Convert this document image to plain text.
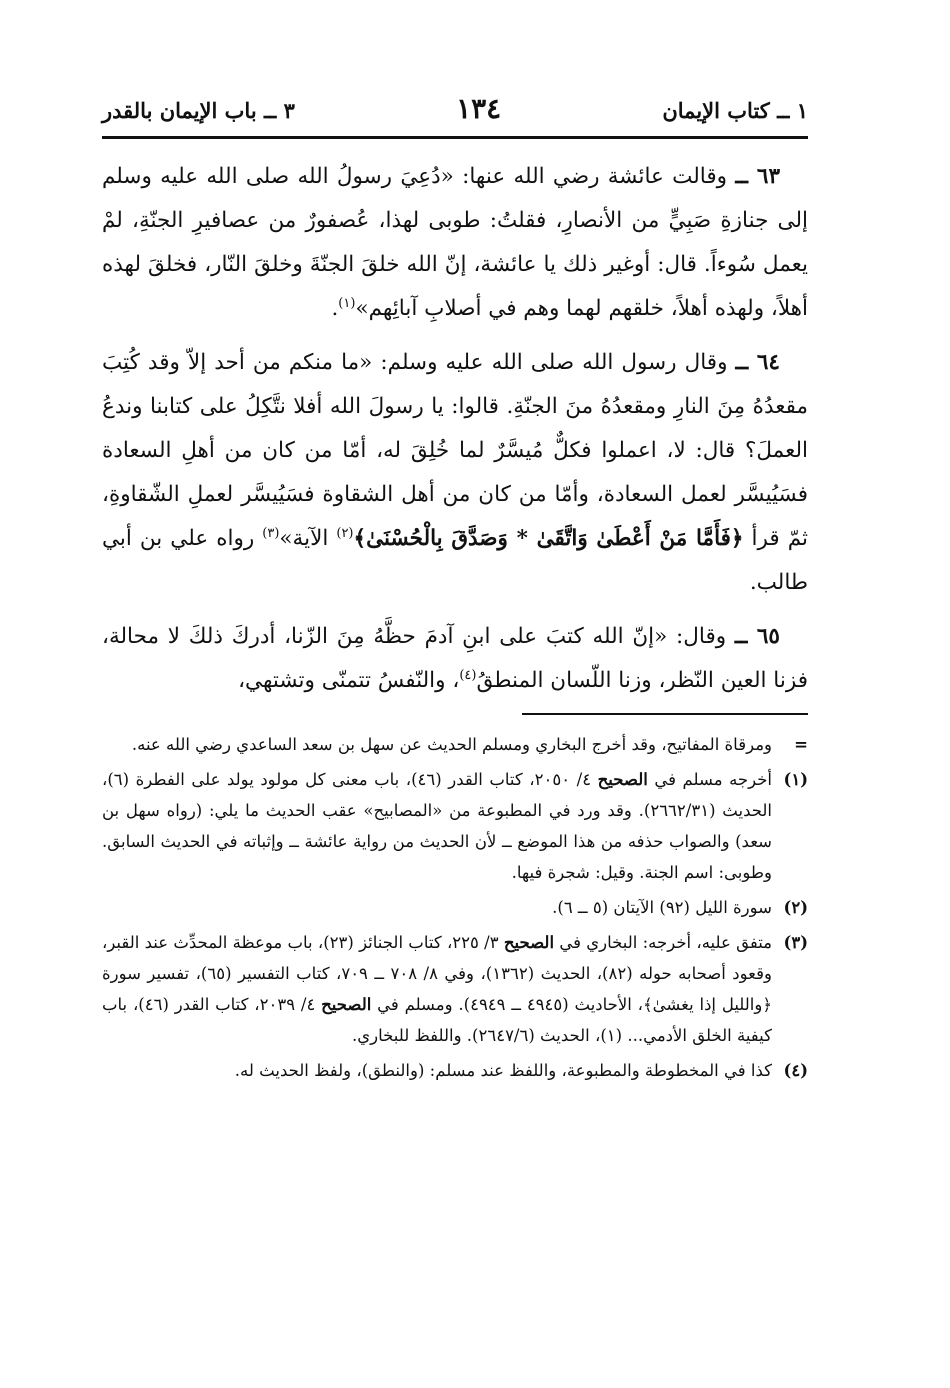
١ ــ كتاب الإيمان
١٣٤
٣ ــ باب الإيمان بالقدر

٦٣ ــ وقالت عائشة رضي الله عنها: «دُعِيَ رسولُ الله صلى الله عليه وسلم إلى جنازةِ صَبِيٍّ من الأنصارِ، فقلتُ: طوبى لهذا، عُصفورٌ من عصافيرِ الجنّةِ، لمْ يعمل سُوءاً. قال: أوغير ذلك يا عائشة، إنّ الله خلقَ الجنّةَ وخلقَ النّار، فخلقَ لهذه أهلاً، ولهذه أهلاً، خلقهم لهما وهم في أصلابِ آبائِهم»$^{(١)}$.

٦٤ ــ وقال رسول الله صلى الله عليه وسلم: «ما منكم من أحد إلاّ وقد كُتِبَ مقعدُهُ مِنَ النارِ ومقعدُهُ منَ الجنّةِ. قالوا: يا رسولَ الله أفلا نتَّكِلُ على كتابنا وندعُ العملَ؟ قال: لا، اعملوا فكلٌّ مُيسَّرٌ لما خُلِقَ له، أمّا من كان من أهلِ السعادة فسَيُيسَّر لعمل السعادة، وأمّا من كان من أهل الشقاوة فسَيُيسَّر لعملِ الشّقاوةِ، ثمّ قرأ ﴿فَأَمَّا مَنْ أَعْطَىٰ وَاتَّقَىٰ * وَصَدَّقَ بِالْحُسْنَىٰ﴾$^{(٢)}$ الآية»$^{(٣)}$ رواه علي بن أبي طالب.

٦٥ ــ وقال: «إنّ الله كتبَ على ابنِ آدمَ حظَّهُ مِنَ الزّنا، أدركَ ذلكَ لا محالة، فزنا العين النّظر، وزنا اللّسان المنطقُ$^{(٤)}$، والنّفسُ تتمنّى وتشتهي،

=
ومرقاة المفاتيح، وقد أخرج البخاري ومسلم الحديث عن سهل بن سعد الساعدي رضي الله عنه.
(١)
أخرجه مسلم في الصحيح ٤/ ٢٠٥٠، كتاب القدر (٤٦)، باب معنى كل مولود يولد على الفطرة (٦)، الحديث (٢٦٦٢/٣١). وقد ورد في المطبوعة من «المصابيح» عقب الحديث ما يلي: (رواه سهل بن سعد) والصواب حذفه من هذا الموضع ــ لأن الحديث من رواية عائشة ــ وإثباته في الحديث السابق. وطوبى: اسم الجنة. وقيل: شجرة فيها.
(٢)
سورة الليل (٩٢) الآيتان (٥ ــ ٦).
(٣)
متفق عليه، أخرجه: البخاري في الصحيح ٣/ ٢٢٥، كتاب الجنائز (٢٣)، باب موعظة المحدِّث عند القبر، وقعود أصحابه حوله (٨٢)، الحديث (١٣٦٢)، وفي ٨/ ٧٠٨ ــ ٧٠٩، كتاب التفسير (٦٥)، تفسير سورة ﴿والليل إذا يغشىٰ﴾، الأحاديث (٤٩٤٥ ــ ٤٩٤٩). ومسلم في الصحيح ٤/ ٢٠٣٩، كتاب القدر (٤٦)، باب كيفية الخلق الأدمي... (١)، الحديث (٢٦٤٧/٦). واللفظ للبخاري.
(٤)
كذا في المخطوطة والمطبوعة، واللفظ عند مسلم: (والنطق)، ولفظ الحديث له.
